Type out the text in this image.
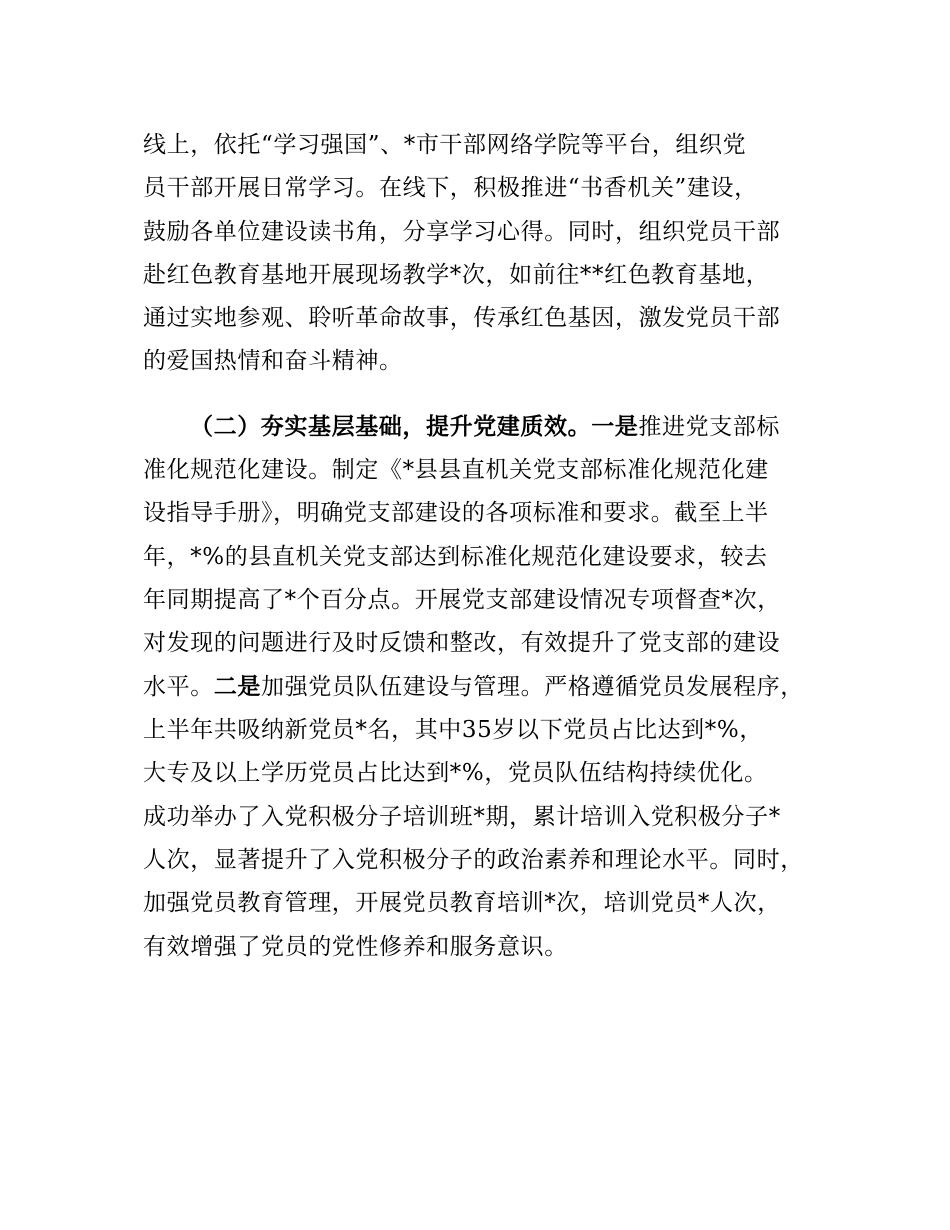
线上，依托“学习强国”、*市干部网络学院等平台，组织党
员干部开展日常学习。在线下，积极推进“书香机关”建设，
鼓励各单位建设读书角，分享学习心得。同时，组织党员干部
赴红色教育基地开展现场教学*次，如前往**红色教育基地，
通过实地参观、聆听革命故事，传承红色基因，激发党员干部
的爱国热情和奋斗精神。
（二）夯实基层基础，提升党建质效。一是推进党支部标
准化规范化建设。制定《*县县直机关党支部标准化规范化建
设指导手册》，明确党支部建设的各项标准和要求。截至上半
年，*%的县直机关党支部达到标准化规范化建设要求，较去
年同期提高了*个百分点。开展党支部建设情况专项督查*次，
对发现的问题进行及时反馈和整改，有效提升了党支部的建设
水平。二是加强党员队伍建设与管理。严格遵循党员发展程序，
上半年共吸纳新党员*名，其中35岁以下党员占比达到*%，
大专及以上学历党员占比达到*%，党员队伍结构持续优化。
成功举办了入党积极分子培训班*期，累计培训入党积极分子*
人次，显著提升了入党积极分子的政治素养和理论水平。同时，
加强党员教育管理，开展党员教育培训*次，培训党员*人次，
有效增强了党员的党性修养和服务意识。
